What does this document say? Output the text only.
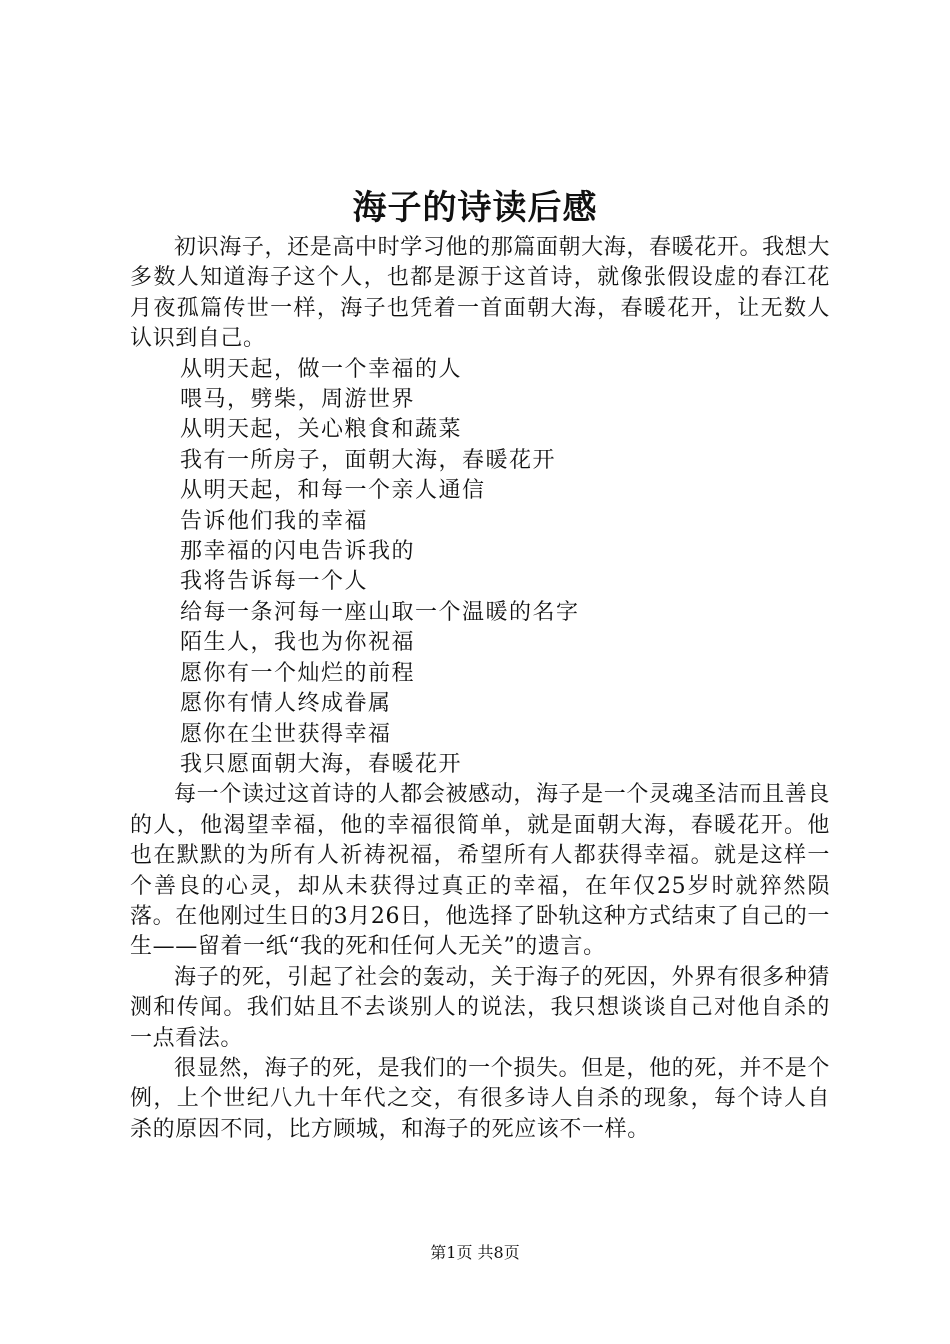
海子的诗读后感

初识海子，还是高中时学习他的那篇面朝大海，春暖花开。我想大多数人知道海子这个人，也都是源于这首诗，就像张假设虚的春江花月夜孤篇传世一样，海子也凭着一首面朝大海，春暖花开，让无数人认识到自己。

从明天起，做一个幸福的人

喂马，劈柴，周游世界

从明天起，关心粮食和蔬菜

我有一所房子，面朝大海，春暖花开

从明天起，和每一个亲人通信

告诉他们我的幸福

那幸福的闪电告诉我的

我将告诉每一个人

给每一条河每一座山取一个温暖的名字

陌生人，我也为你祝福

愿你有一个灿烂的前程

愿你有情人终成眷属

愿你在尘世获得幸福

我只愿面朝大海，春暖花开

每一个读过这首诗的人都会被感动，海子是一个灵魂圣洁而且善良的人，他渴望幸福，他的幸福很简单，就是面朝大海，春暖花开。他也在默默的为所有人祈祷祝福，希望所有人都获得幸福。就是这样一个善良的心灵，却从未获得过真正的幸福，在年仅25岁时就猝然陨落。在他刚过生日的3月26日，他选择了卧轨这种方式结束了自己的一生——留着一纸“我的死和任何人无关”的遗言。

海子的死，引起了社会的轰动，关于海子的死因，外界有很多种猜测和传闻。我们姑且不去谈别人的说法，我只想谈谈自己对他自杀的一点看法。

很显然，海子的死，是我们的一个损失。但是，他的死，并不是个例，上个世纪八九十年代之交，有很多诗人自杀的现象，每个诗人自杀的原因不同，比方顾城，和海子的死应该不一样。

第1页 共8页
